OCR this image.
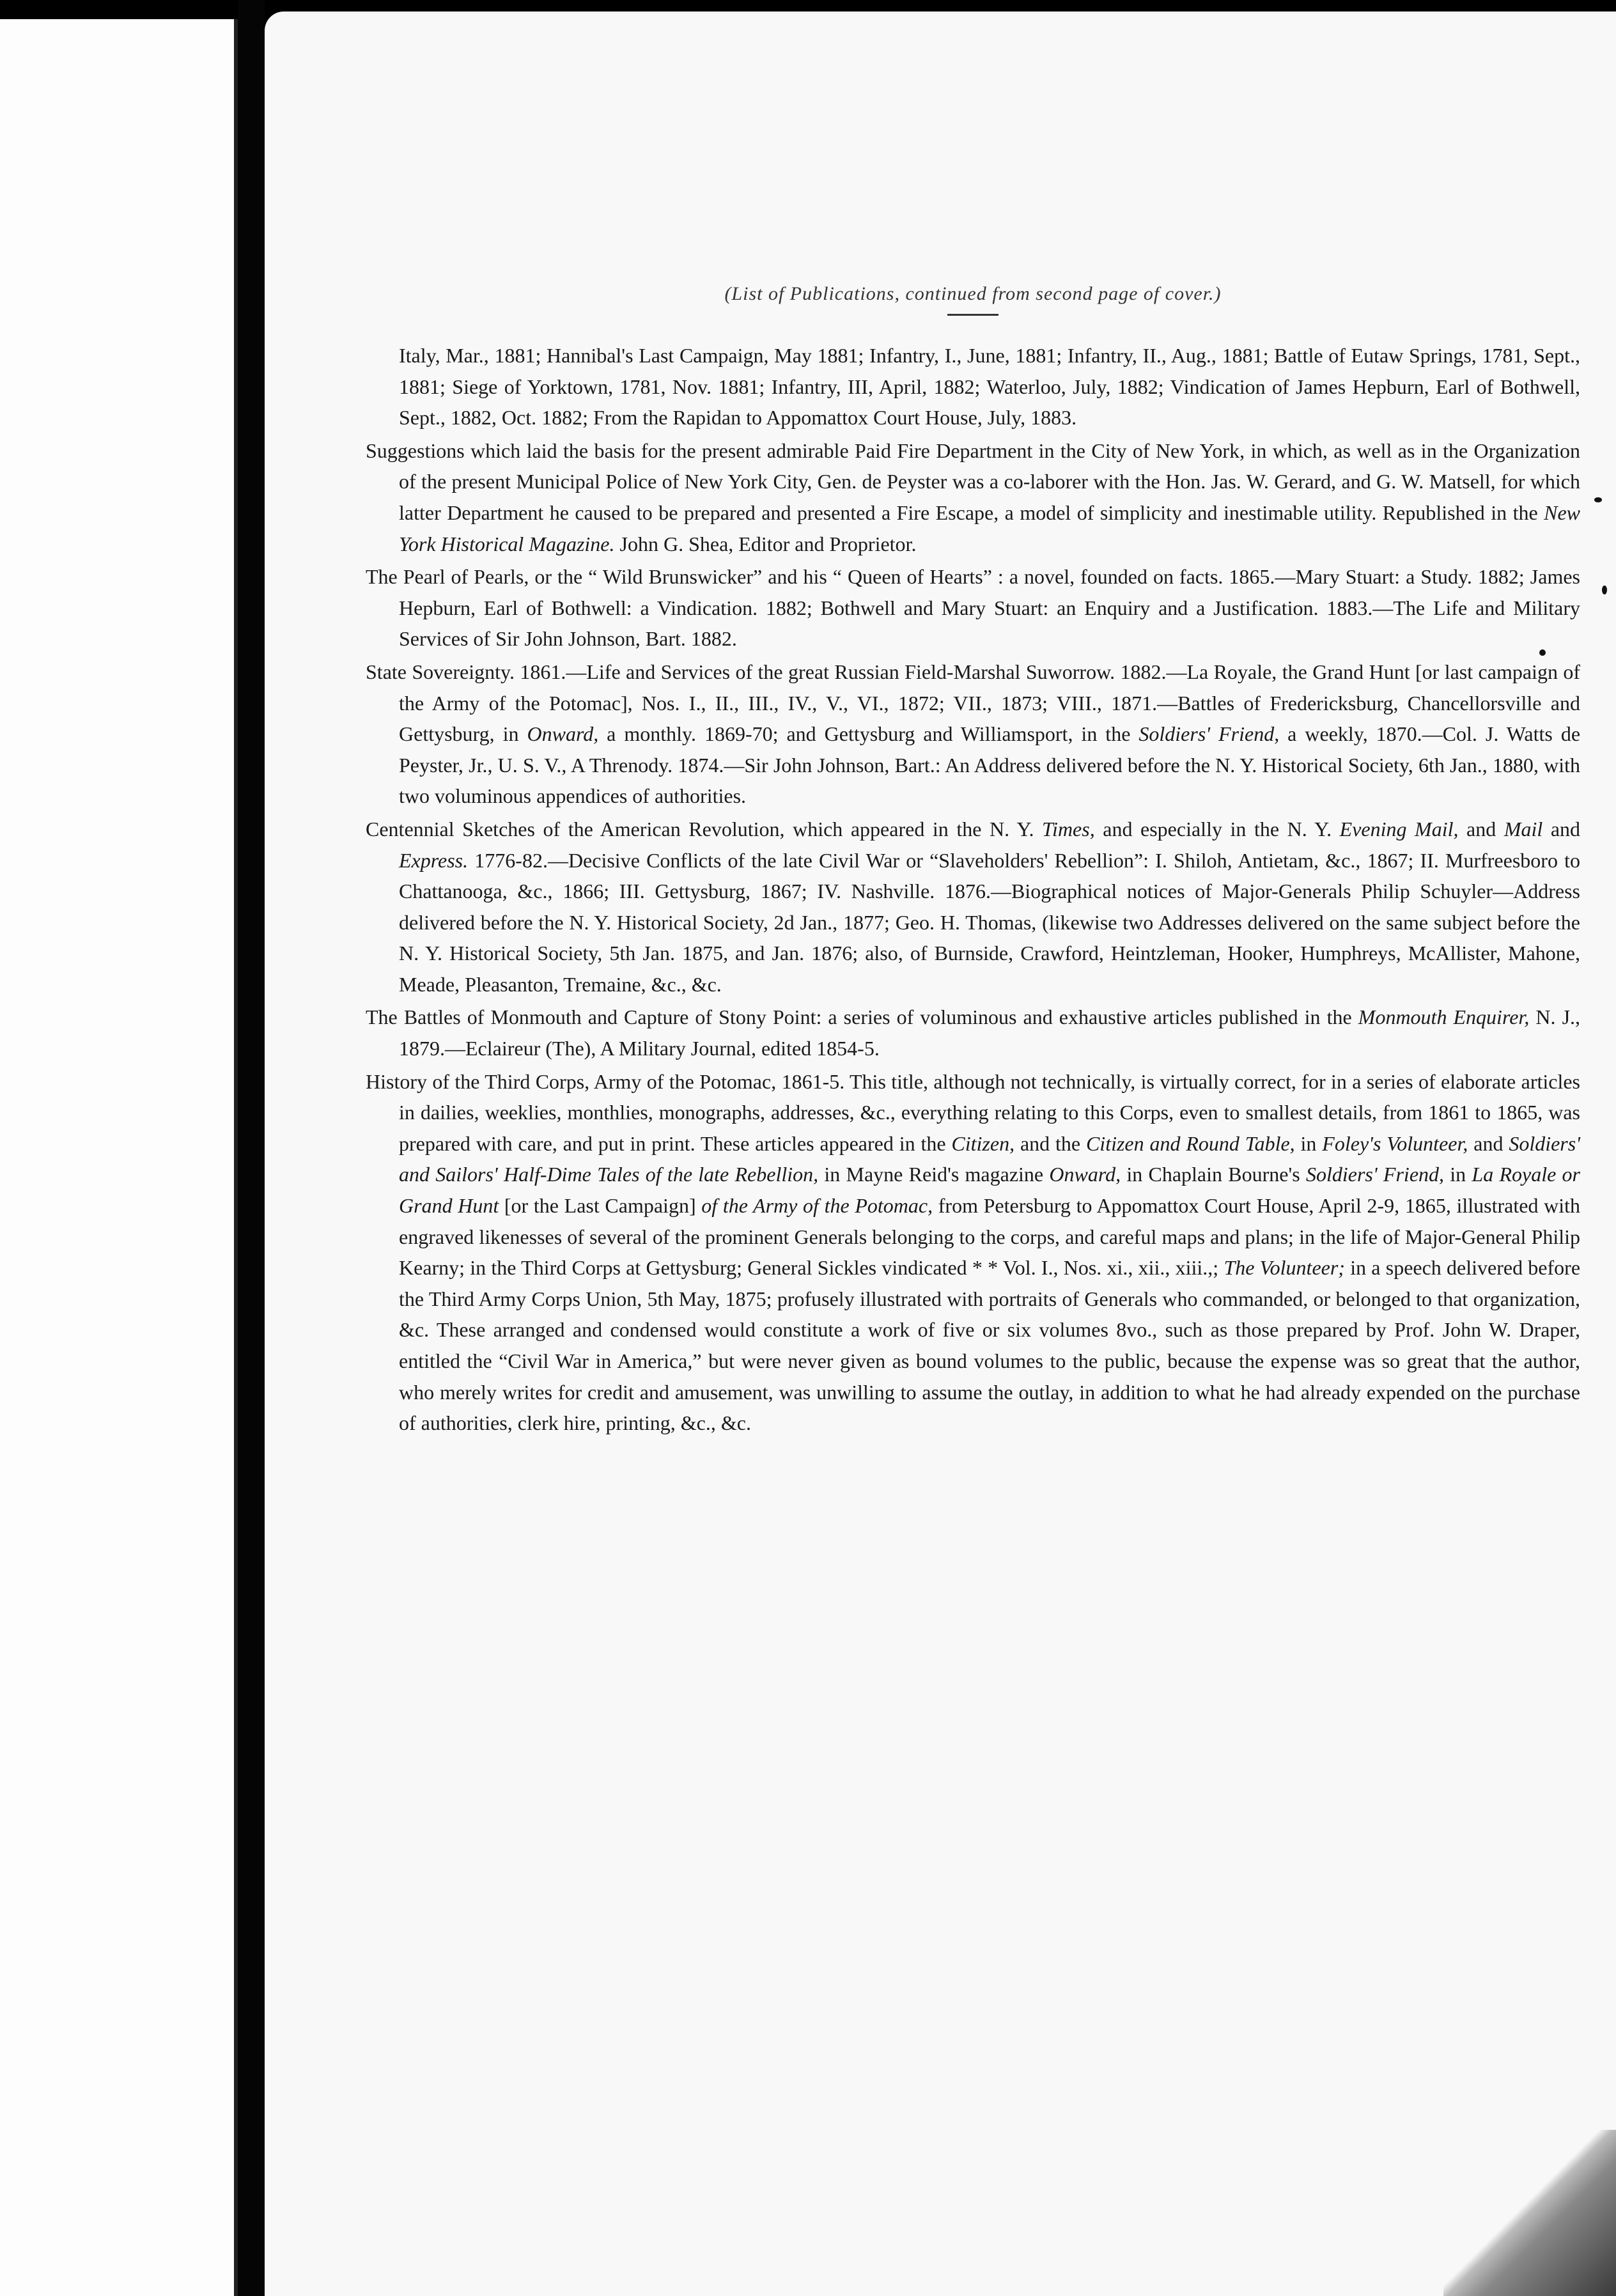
(List of Publications, continued from second page of cover.)

Italy, Mar., 1881; Hannibal's Last Campaign, May 1881; Infantry, I., June, 1881; Infantry, II., Aug., 1881; Battle of Eutaw Springs, 1781, Sept., 1881; Siege of Yorktown, 1781, Nov. 1881; Infantry, III, April, 1882; Waterloo, July, 1882; Vindication of James Hepburn, Earl of Bothwell, Sept., 1882, Oct. 1882; From the Rapidan to Appomattox Court House, July, 1883.

Suggestions which laid the basis for the present admirable Paid Fire Department in the City of New York, in which, as well as in the Organization of the present Municipal Police of New York City, Gen. de Peyster was a co-laborer with the Hon. Jas. W. Gerard, and G. W. Matsell, for which latter Department he caused to be prepared and presented a Fire Escape, a model of simplicity and inestimable utility. Republished in the New York Historical Magazine. John G. Shea, Editor and Proprietor.

The Pearl of Pearls, or the “ Wild Brunswicker” and his “ Queen of Hearts” : a novel, founded on facts. 1865.—Mary Stuart: a Study. 1882; James Hepburn, Earl of Bothwell: a Vindication. 1882; Bothwell and Mary Stuart: an Enquiry and a Justification. 1883.—The Life and Military Services of Sir John Johnson, Bart. 1882.

State Sovereignty. 1861.—Life and Services of the great Russian Field-Marshal Suworrow. 1882.—La Royale, the Grand Hunt [or last campaign of the Army of the Potomac], Nos. I., II., III., IV., V., VI., 1872; VII., 1873; VIII., 1871.—Battles of Fredericksburg, Chancellorsville and Gettysburg, in Onward, a monthly. 1869-70; and Gettysburg and Williamsport, in the Soldiers' Friend, a weekly, 1870.—Col. J. Watts de Peyster, Jr., U. S. V., A Threnody. 1874.—Sir John Johnson, Bart.: An Address delivered before the N. Y. Historical Society, 6th Jan., 1880, with two voluminous appendices of authorities.

Centennial Sketches of the American Revolution, which appeared in the N. Y. Times, and especially in the N. Y. Evening Mail, and Mail and Express. 1776-82.—Decisive Conflicts of the late Civil War or “Slaveholders' Rebellion”: I. Shiloh, Antietam, &c., 1867; II. Murfreesboro to Chattanooga, &c., 1866; III. Gettysburg, 1867; IV. Nashville. 1876.—Biographical notices of Major-Generals Philip Schuyler—Address delivered before the N. Y. Historical Society, 2d Jan., 1877; Geo. H. Thomas, (likewise two Addresses delivered on the same subject before the N. Y. Historical Society, 5th Jan. 1875, and Jan. 1876; also, of Burnside, Crawford, Heintzleman, Hooker, Humphreys, McAllister, Mahone, Meade, Pleasanton, Tremaine, &c., &c.

The Battles of Monmouth and Capture of Stony Point: a series of voluminous and exhaustive articles published in the Monmouth Enquirer, N. J., 1879.—Eclaireur (The), A Military Journal, edited 1854-5.

History of the Third Corps, Army of the Potomac, 1861-5. This title, although not technically, is virtually correct, for in a series of elaborate articles in dailies, weeklies, monthlies, monographs, addresses, &c., everything relating to this Corps, even to smallest details, from 1861 to 1865, was prepared with care, and put in print. These articles appeared in the Citizen, and the Citizen and Round Table, in Foley's Volunteer, and Soldiers' and Sailors' Half-Dime Tales of the late Rebellion, in Mayne Reid's magazine Onward, in Chaplain Bourne's Soldiers' Friend, in La Royale or Grand Hunt [or the Last Campaign] of the Army of the Potomac, from Petersburg to Appomattox Court House, April 2-9, 1865, illustrated with engraved likenesses of several of the prominent Generals belonging to the corps, and careful maps and plans; in the life of Major-General Philip Kearny; in the Third Corps at Gettysburg; General Sickles vindicated * * Vol. I., Nos. xi., xii., xiii.,; The Volunteer; in a speech delivered before the Third Army Corps Union, 5th May, 1875; profusely illustrated with portraits of Generals who commanded, or belonged to that organization, &c. These arranged and condensed would constitute a work of five or six volumes 8vo., such as those prepared by Prof. John W. Draper, entitled the “Civil War in America,” but were never given as bound volumes to the public, because the expense was so great that the author, who merely writes for credit and amusement, was unwilling to assume the outlay, in addition to what he had already expended on the purchase of authorities, clerk hire, printing, &c., &c.
